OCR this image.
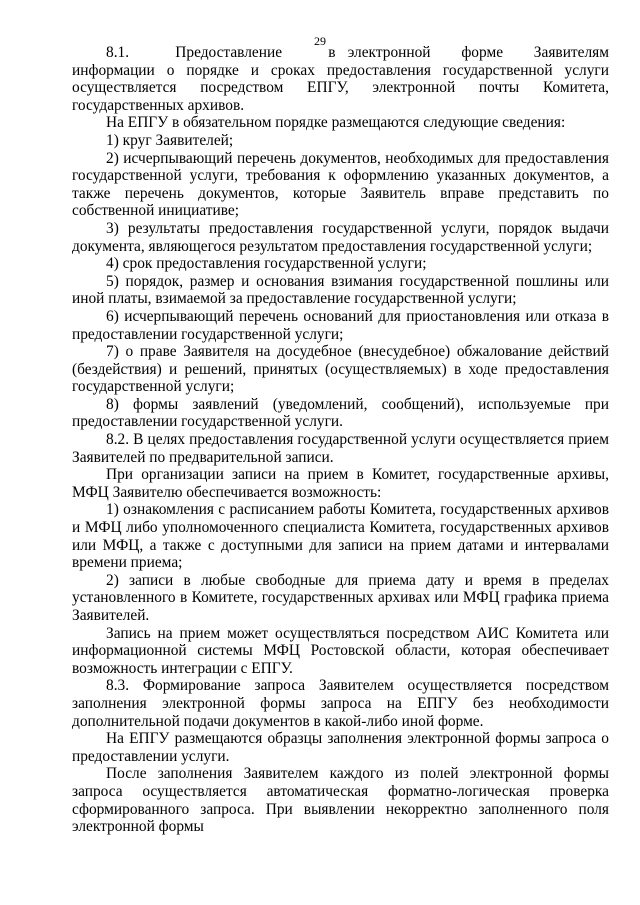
29

8.1.   Предоставление   в электронной  форме  Заявителям информации о порядке и сроках предоставления государственной услуги осуществляется посредством ЕПГУ, электронной почты Комитета, государственных архивов.

На ЕПГУ в обязательном порядке размещаются следующие сведения:

1) круг Заявителей;

2) исчерпывающий перечень документов, необходимых для предоставления государственной услуги, требования к оформлению указанных документов, а также перечень документов, которые Заявитель вправе представить по собственной инициативе;

3) результаты предоставления государственной услуги, порядок выдачи документа, являющегося результатом предоставления государственной услуги;

4) срок предоставления государственной услуги;

5) порядок, размер и основания взимания государственной пошлины или иной платы, взимаемой за предоставление государственной услуги;

6) исчерпывающий перечень оснований для приостановления или отказа в предоставлении государственной услуги;

7) о праве Заявителя на досудебное (внесудебное) обжалование действий (бездействия) и решений, принятых (осуществляемых) в ходе предоставления государственной услуги;

8) формы заявлений (уведомлений, сообщений), используемые при предоставлении государственной услуги.

8.2. В целях предоставления государственной услуги осуществляется прием Заявителей по предварительной записи.

При организации записи на прием в Комитет, государственные архивы, МФЦ Заявителю обеспечивается возможность:

1) ознакомления с расписанием работы Комитета, государственных архивов и МФЦ либо уполномоченного специалиста Комитета, государственных архивов или МФЦ, а также с доступными для записи на прием датами и интервалами времени приема;

2) записи в любые свободные для приема дату и время в пределах установленного в Комитете, государственных архивах или МФЦ графика приема Заявителей.

Запись на прием может осуществляться посредством АИС Комитета или информационной системы МФЦ Ростовской области, которая обеспечивает возможность интеграции с ЕПГУ.

8.3. Формирование запроса Заявителем осуществляется посредством заполнения электронной формы запроса на ЕПГУ без необходимости дополнительной подачи документов в какой-либо иной форме.

На ЕПГУ размещаются образцы заполнения электронной формы запроса о предоставлении услуги.

После заполнения Заявителем каждого из полей электронной формы запроса осуществляется автоматическая форматно-логическая проверка сформированного запроса. При выявлении некорректно заполненного поля электронной формы
